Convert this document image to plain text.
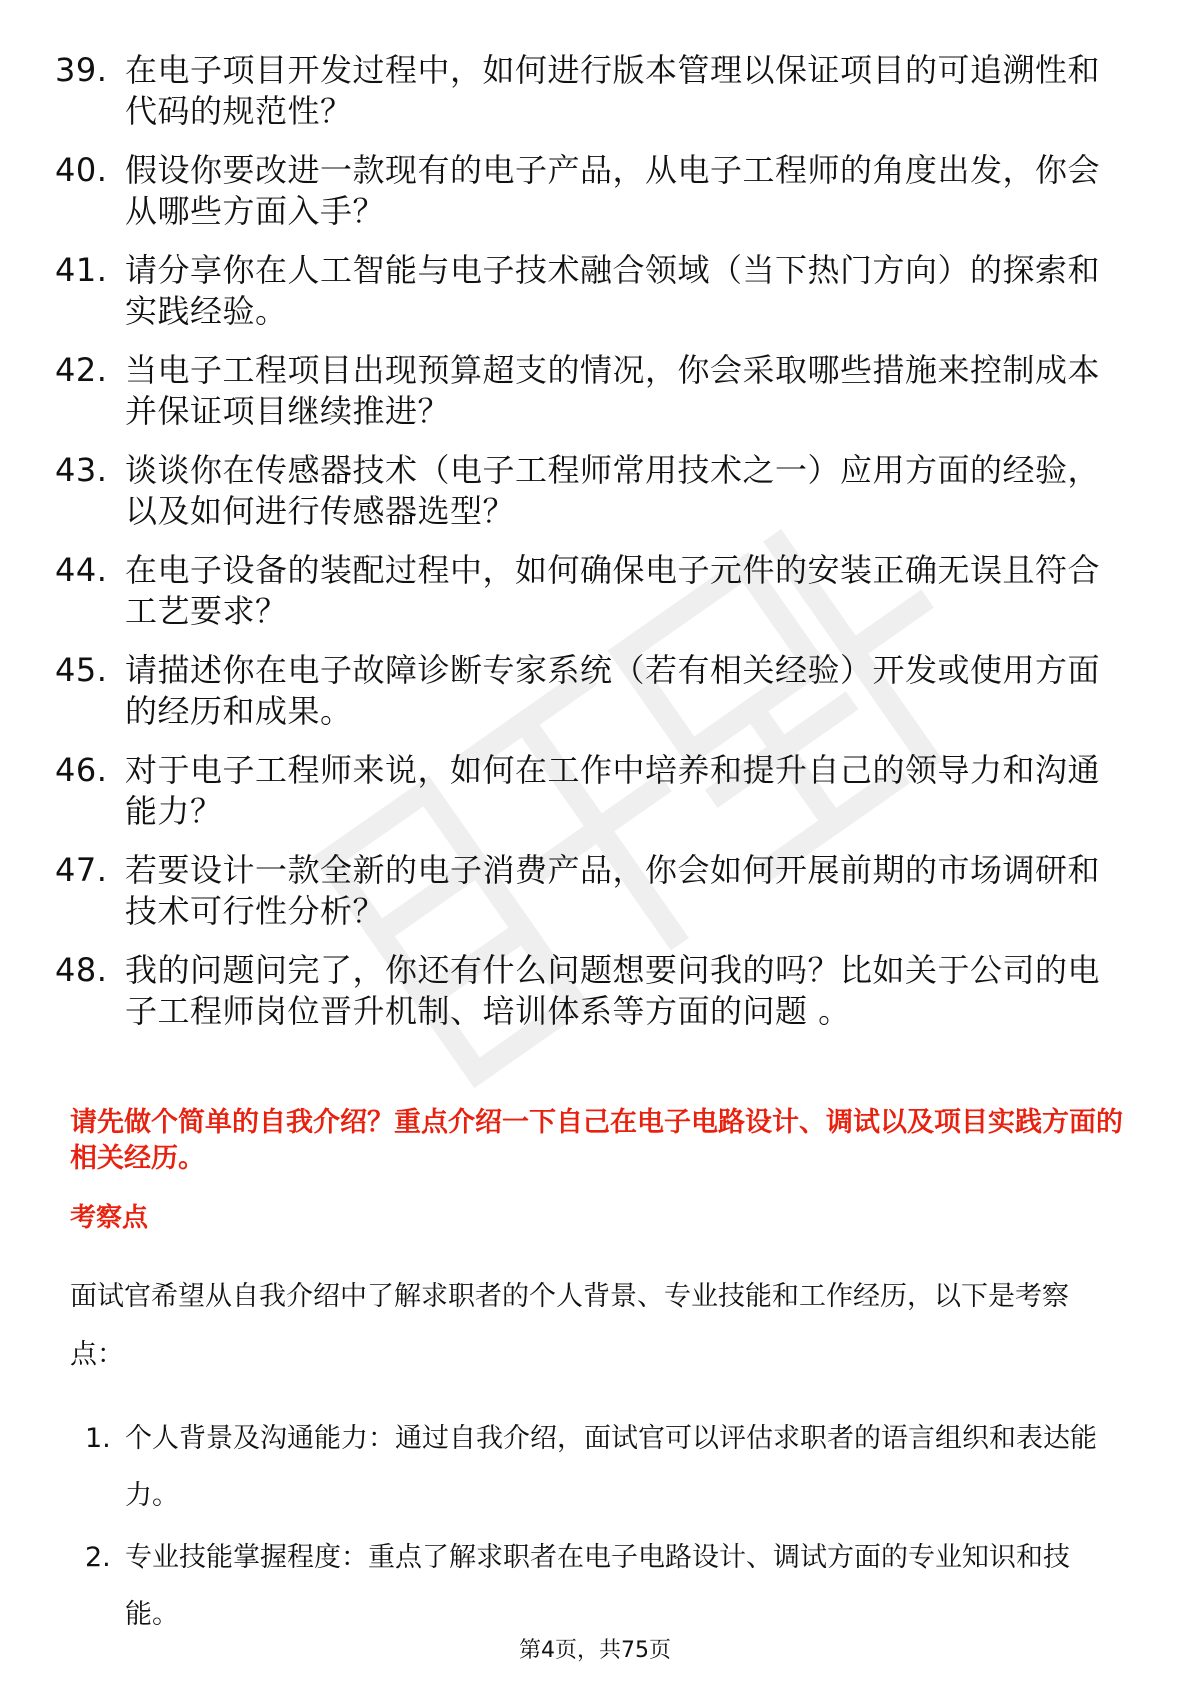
39. 在电子项目开发过程中，如何进行版本管理以保证项目的可追溯性和代码的规范性？
40. 假设你要改进一款现有的电子产品，从电子工程师的角度出发，你会从哪些方面入手？
41. 请分享你在人工智能与电子技术融合领域（当下热门方向）的探索和实践经验。
42. 当电子工程项目出现预算超支的情况，你会采取哪些措施来控制成本并保证项目继续推进？
43. 谈谈你在传感器技术（电子工程师常用技术之一）应用方面的经验，以及如何进行传感器选型？
44. 在电子设备的装配过程中，如何确保电子元件的安装正确无误且符合工艺要求？
45. 请描述你在电子故障诊断专家系统（若有相关经验）开发或使用方面的经历和成果。
46. 对于电子工程师来说，如何在工作中培养和提升自己的领导力和沟通能力？
47. 若要设计一款全新的电子消费产品，你会如何开展前期的市场调研和技术可行性分析？
48. 我的问题问完了，你还有什么问题想要问我的吗？比如关于公司的电子工程师岗位晋升机制、培训体系等方面的问题 。
请先做个简单的自我介绍？重点介绍一下自己在电子电路设计、调试以及项目实践方面的相关经历。
考察点

面试官希望从自我介绍中了解求职者的个人背景、专业技能和工作经历，以下是考察点：

1. 个人背景及沟通能力：通过自我介绍，面试官可以评估求职者的语言组织和表达能力。
2. 专业技能掌握程度：重点了解求职者在电子电路设计、调试方面的专业知识和技能。
第4页，共75页
